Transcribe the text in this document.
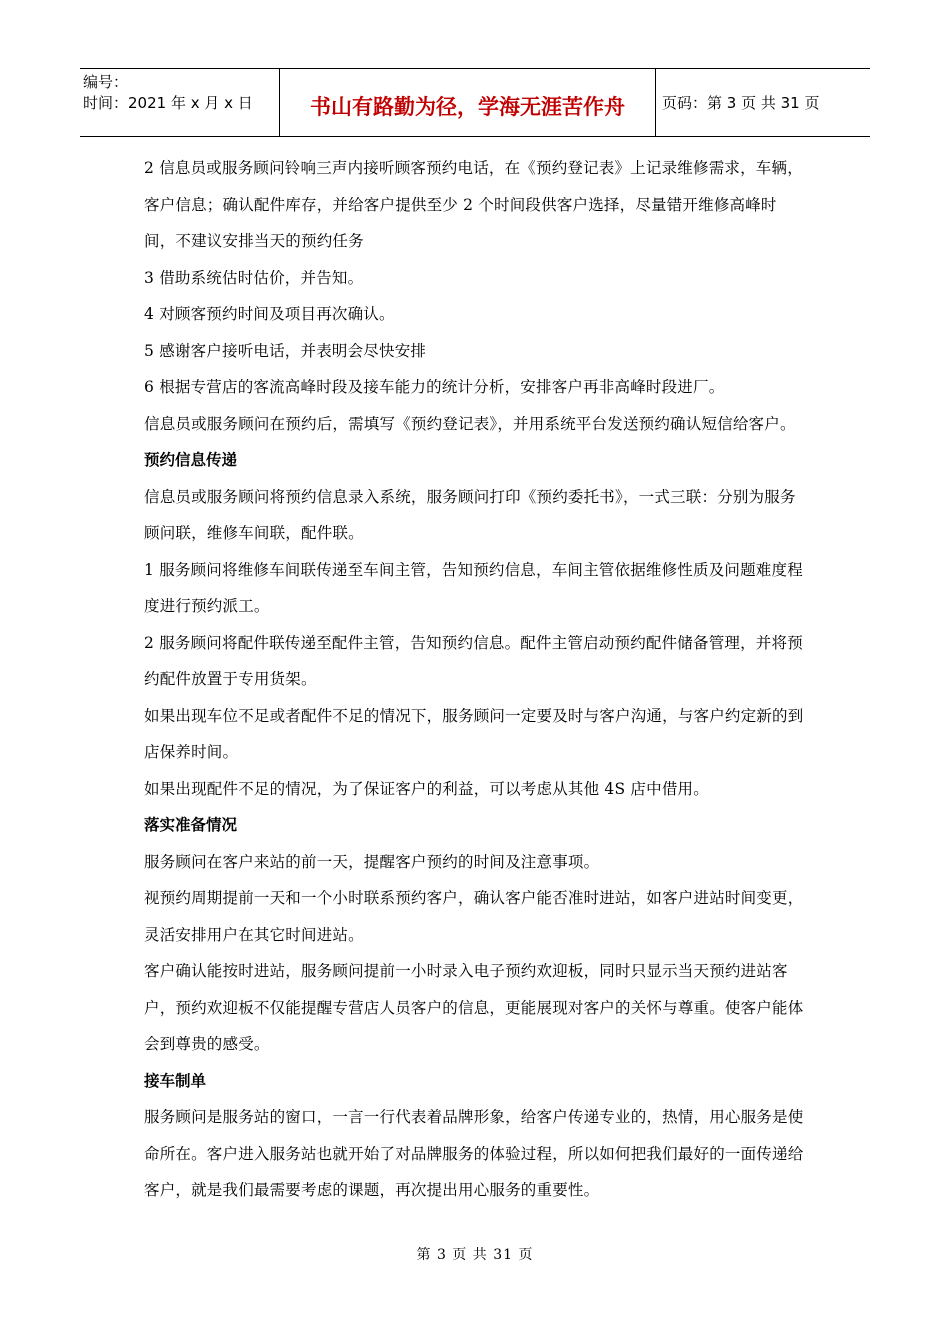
编号：
时间：2021 年 x 月 x 日	书山有路勤为径，学海无涯苦作舟	页码：第 3 页 共 31 页

2 信息员或服务顾问铃响三声内接听顾客预约电话，在《预约登记表》上记录维修需求，车辆，客户信息；确认配件库存，并给客户提供至少 2 个时间段供客户选择，尽量错开维修高峰时间，不建议安排当天的预约任务

3 借助系统估时估价，并告知。

4 对顾客预约时间及项目再次确认。

5 感谢客户接听电话，并表明会尽快安排

6 根据专营店的客流高峰时段及接车能力的统计分析，安排客户再非高峰时段进厂。

信息员或服务顾问在预约后，需填写《预约登记表》，并用系统平台发送预约确认短信给客户。

预约信息传递

信息员或服务顾问将预约信息录入系统，服务顾问打印《预约委托书》，一式三联：分别为服务顾问联，维修车间联，配件联。

1 服务顾问将维修车间联传递至车间主管，告知预约信息，车间主管依据维修性质及问题难度程度进行预约派工。

2 服务顾问将配件联传递至配件主管，告知预约信息。配件主管启动预约配件储备管理，并将预约配件放置于专用货架。

如果出现车位不足或者配件不足的情况下，服务顾问一定要及时与客户沟通，与客户约定新的到店保养时间。

如果出现配件不足的情况，为了保证客户的利益，可以考虑从其他 4S 店中借用。

落实准备情况

服务顾问在客户来站的前一天，提醒客户预约的时间及注意事项。

视预约周期提前一天和一个小时联系预约客户，确认客户能否准时进站，如客户进站时间变更，灵活安排用户在其它时间进站。

客户确认能按时进站，服务顾问提前一小时录入电子预约欢迎板，同时只显示当天预约进站客户，预约欢迎板不仅能提醒专营店人员客户的信息，更能展现对客户的关怀与尊重。使客户能体会到尊贵的感受。

接车制单

服务顾问是服务站的窗口，一言一行代表着品牌形象，给客户传递专业的，热情，用心服务是使命所在。客户进入服务站也就开始了对品牌服务的体验过程，所以如何把我们最好的一面传递给客户，就是我们最需要考虑的课题，再次提出用心服务的重要性。

第 3 页 共 31 页
